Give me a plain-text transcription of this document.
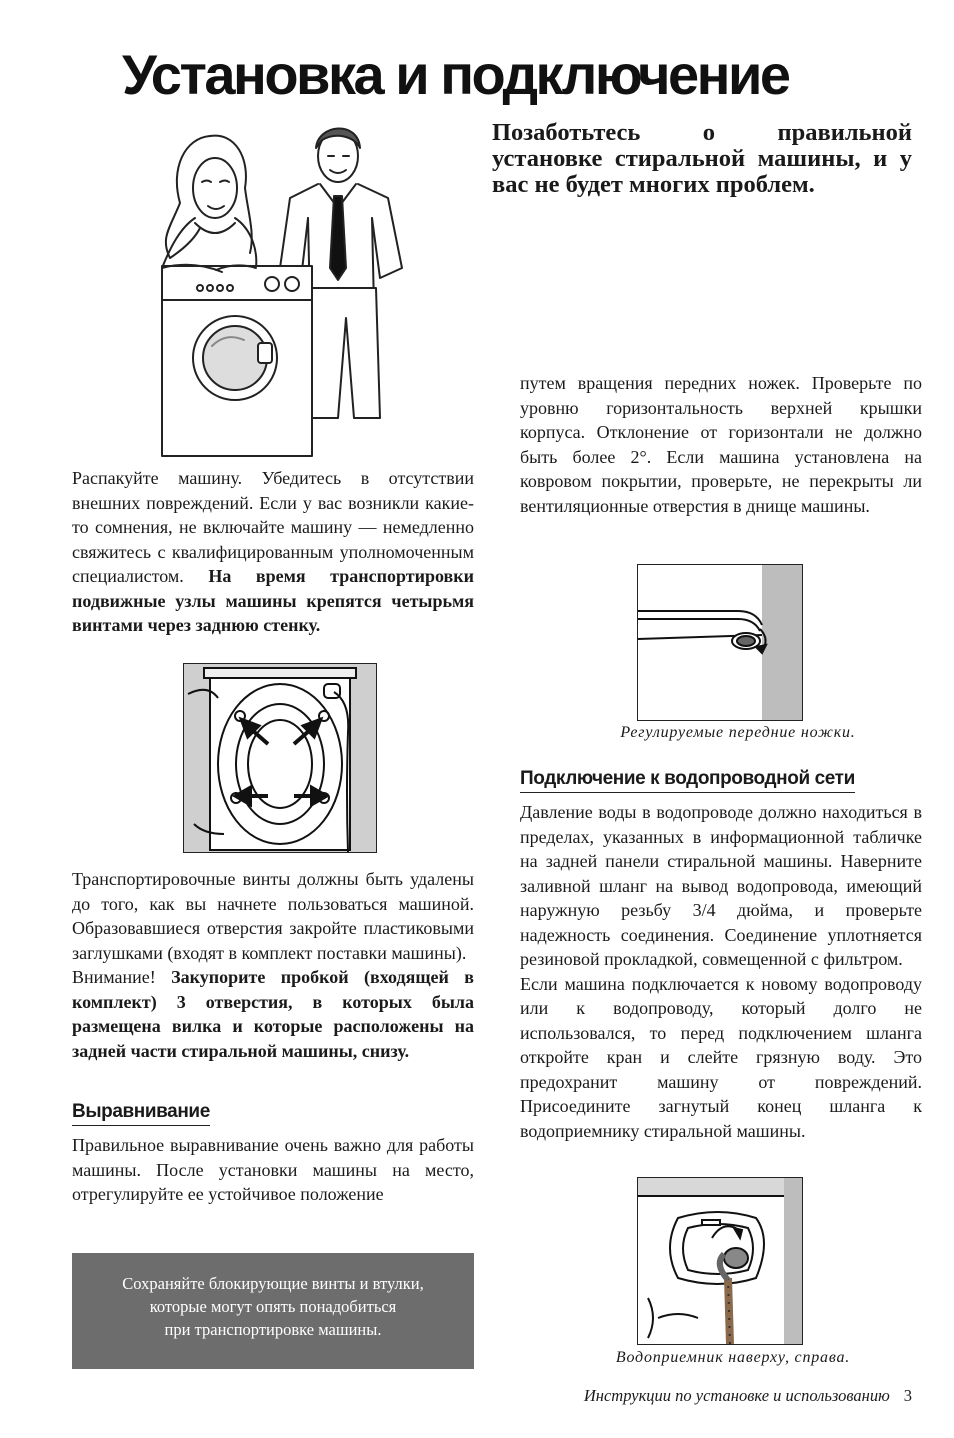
Установка и подключение
Позаботьтесь о правильной установке стиральной машины, и у вас не будет многих проблем.

Распакуйте машину. Убедитесь в отсутствии внешних повреждений. Если у вас возникли какие-то сомнения, не включайте машину — немедленно свяжитесь с квалифицированным уполномоченным специалистом. На время транспортировки подвижные узлы машины крепятся четырьмя винтами через заднюю стенку.

Транспортировочные винты должны быть удалены до того, как вы начнете пользоваться машиной. Образовавшиеся отверстия закройте пластиковыми заглушками (входят в комплект поставки машины).

Внимание! Закупорите пробкой (входящей в комплект) 3 отверстия, в которых была размещена вилка и которые расположены на задней части стиральной машины, снизу.

Выравнивание
Правильное выравнивание очень важно для работы машины. После установки машины на место, отрегулируйте ее устойчивое положение
Сохраняйте блокирующие винты и втулки,
которые могут опять понадобиться
при транспортировке машины.
путем вращения передних ножек. Проверьте по уровню горизонтальность верхней крышки корпуса. Отклонение от горизонтали не должно быть более 2°. Если машина установлена на ковровом покрытии, проверьте, не перекрыты ли вентиляционные отверстия в днище машины.
Регулируемые передние ножки.
Подключение к водопроводной сети

Давление воды в водопроводе должно находиться в пределах, указанных в информационной табличке на задней панели стиральной машины. Наверните заливной шланг на вывод водопровода, имеющий наружную резьбу 3/4 дюйма, и проверьте надежность соединения. Соединение уплотняется резиновой прокладкой, совмещенной с фильтром.

Если машина подключается к новому водопроводу или к водопроводу, который долго не использовался, то перед подключением шланга откройте кран и слейте грязную воду. Это предохранит машину от повреждений. Присоедините загнутый конец шланга к водоприемнику стиральной машины.

Водоприемник наверху, справа.
Инструкции по установке и использованию 3
